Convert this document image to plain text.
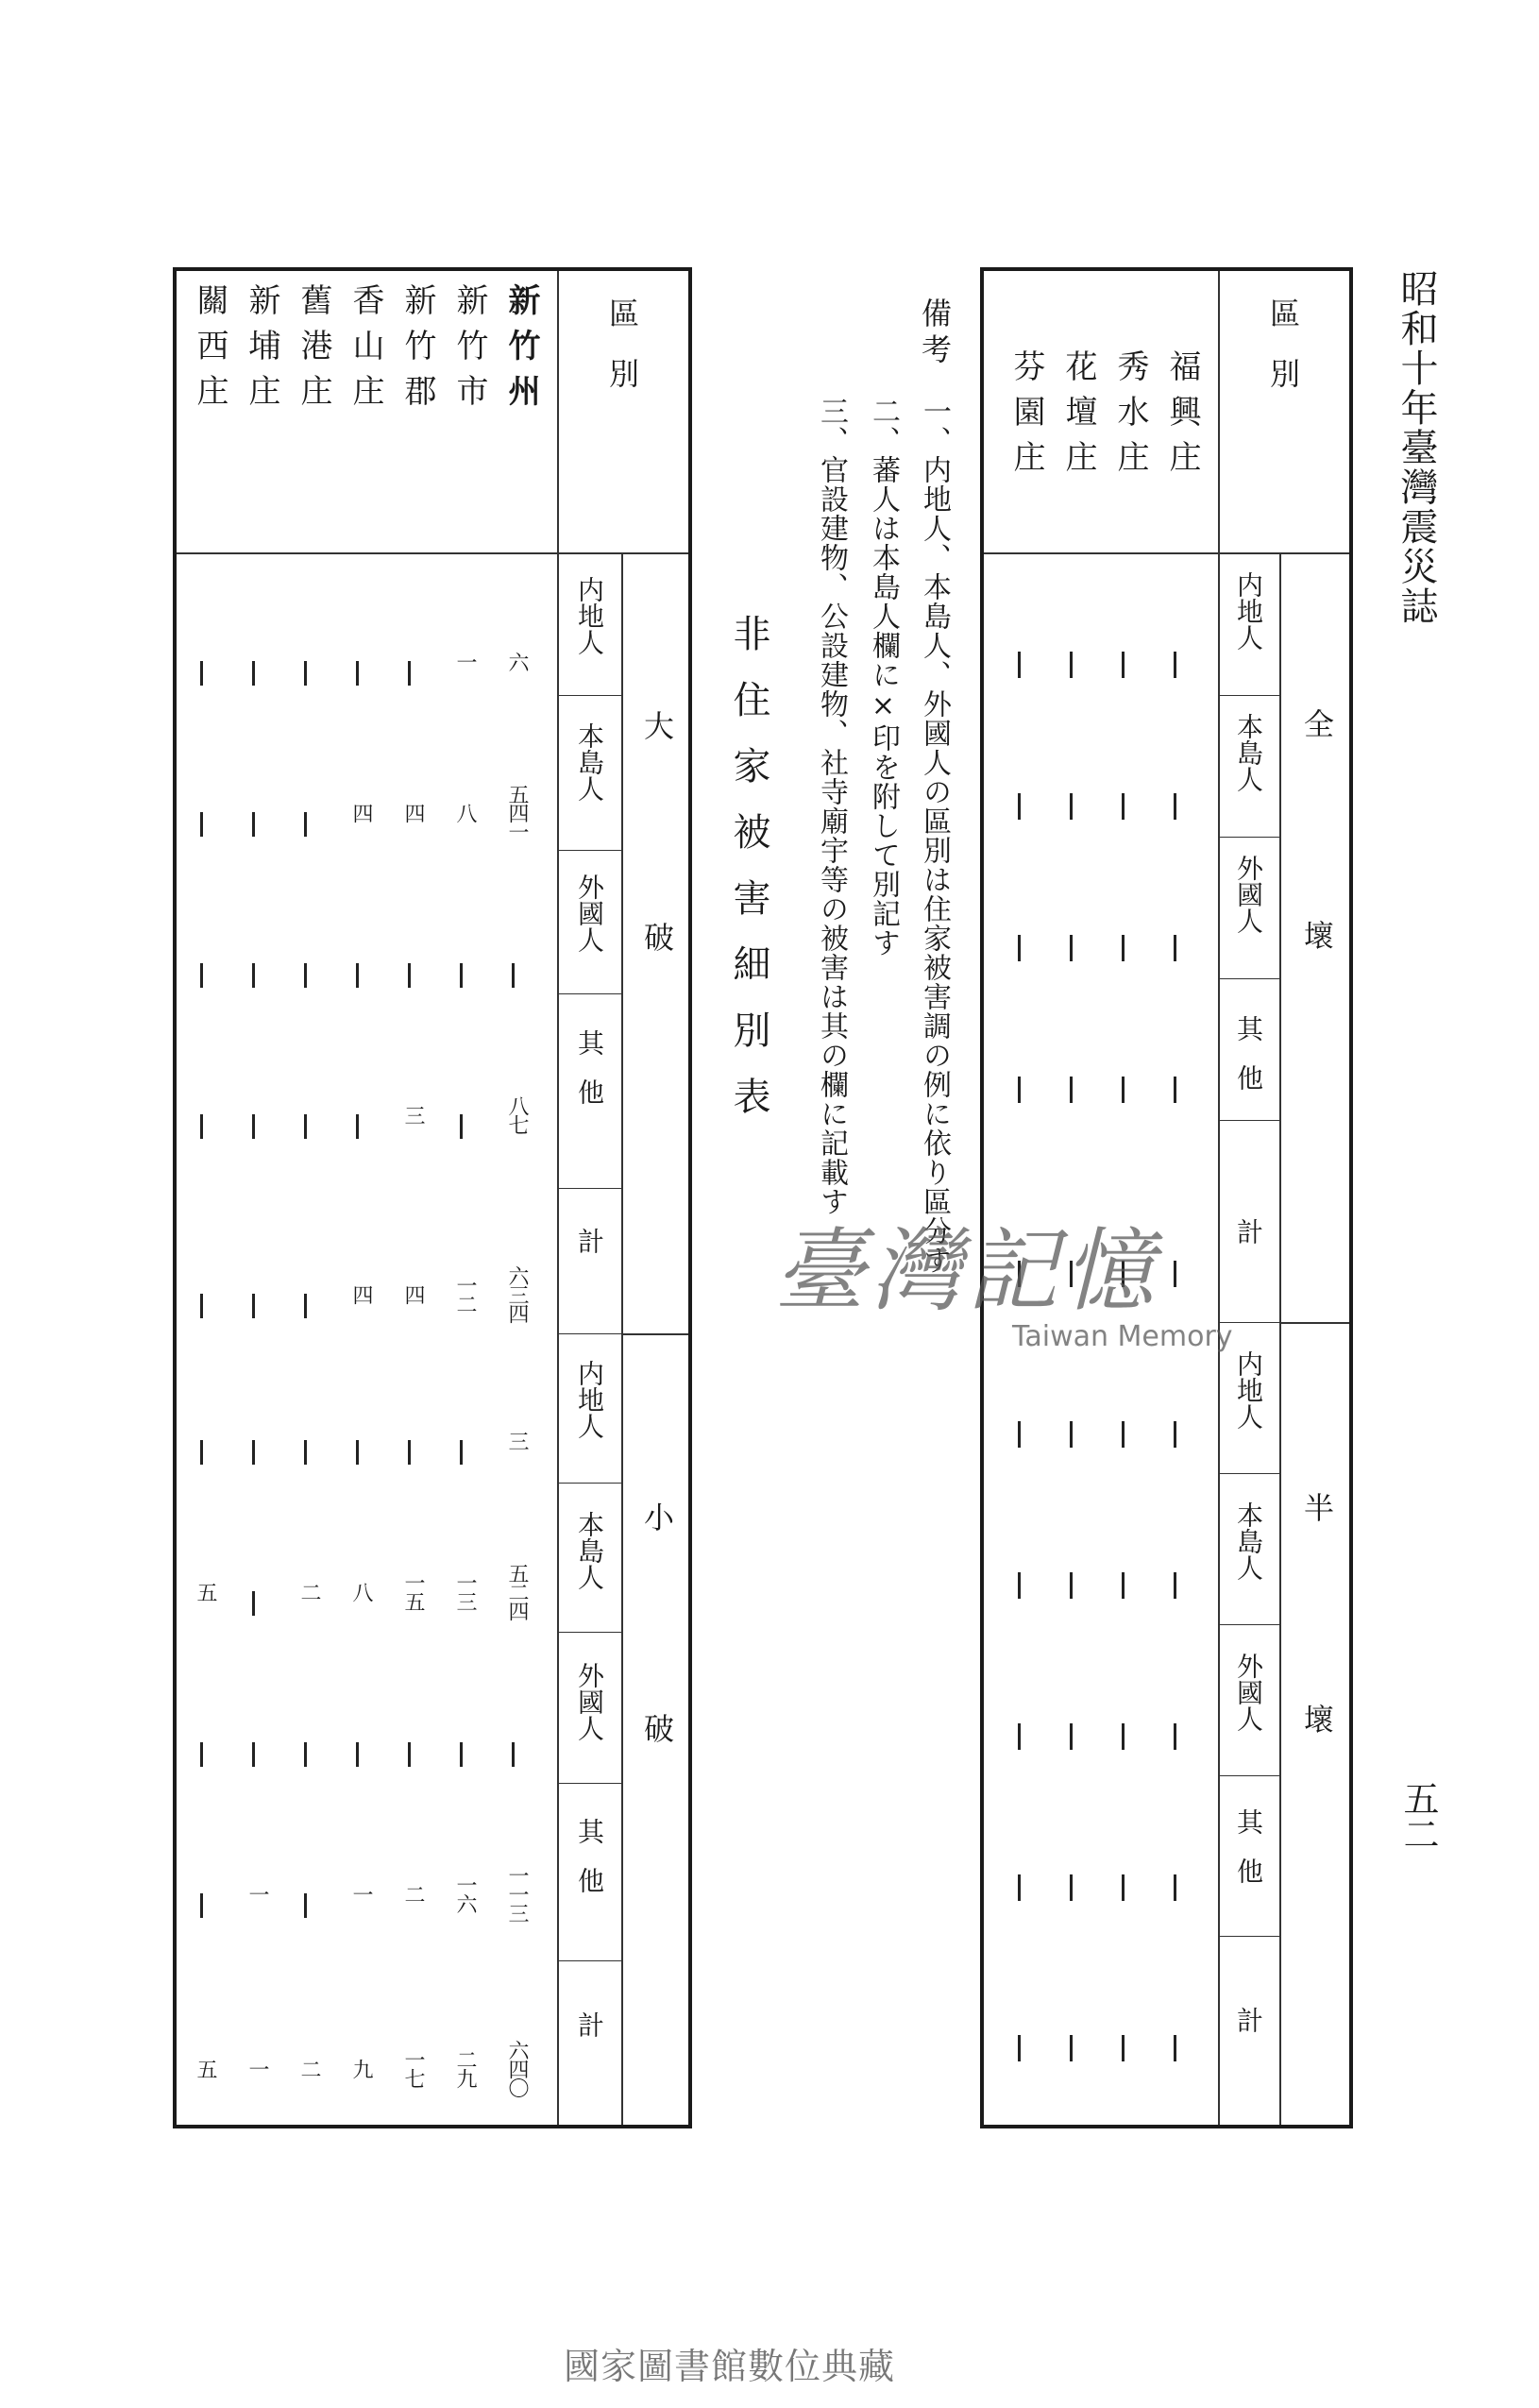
昭和十年臺灣震災誌
五二
區　別
全　　　　　　壞
半　　　　　　壞
内地人
本島人
外國人
其他
計
内地人
本島人
外國人
其他
計
福興庄
秀水庄
花壇庄
芬園庄
備考
一、内地人、本島人、外國人の區別は住家被害調の例に依り區分す
二、蕃人は本島人欄に×印を附して別記す
三、官設建物、公設建物、社寺廟宇等の被害は其の欄に記載す
非住家被害細別表
區　別
大　　　　　　破
小　　　　　　破
内地人
本島人
外國人
其他
計
内地人
本島人
外國人
其他
計
新竹州
六
五四一
八七
六三四
三
五二四
一一三
六四〇
新竹市
一
八
一二
一三
一六
二九
新竹郡
四
三
四
一五
二
一七
香山庄
四
四
八
一
九
舊港庄
二
二
新埔庄
一
一
關西庄
五
五
臺灣記憶
Taiwan Memory
國家圖書館數位典藏
